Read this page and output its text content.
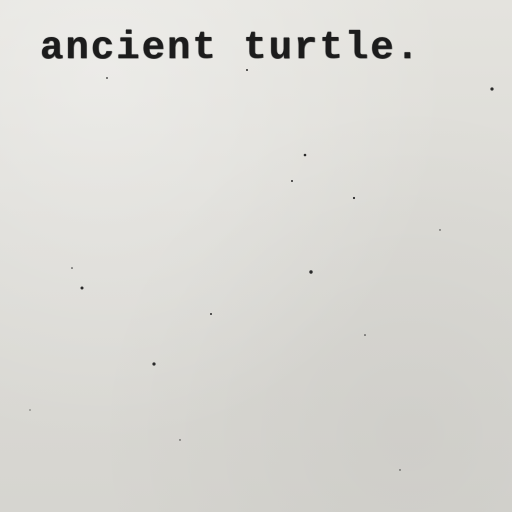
ancient turtle.
